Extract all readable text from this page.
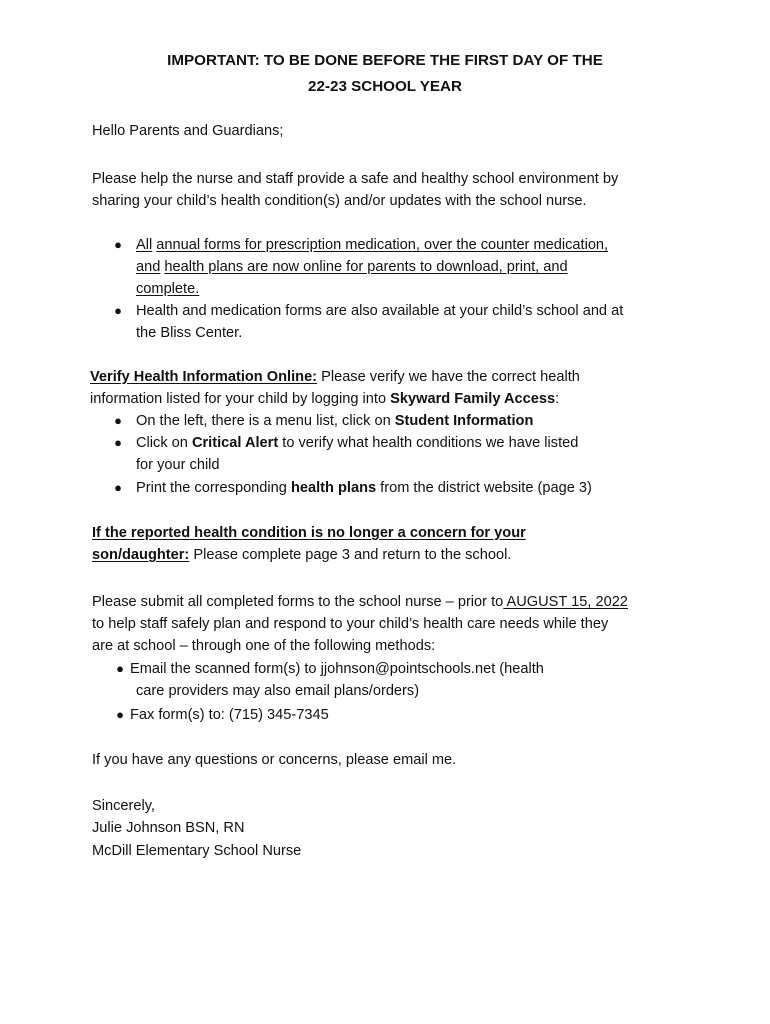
IMPORTANT: TO BE DONE BEFORE THE FIRST DAY OF THE
22-23 SCHOOL YEAR
Hello Parents and Guardians;
Please help the nurse and staff provide a safe and healthy school environment by
sharing your child’s health condition(s) and/or updates with the school nurse.
● All annual forms for prescription medication, over the counter medication,
and health plans are now online for parents to download, print, and
complete.
● Health and medication forms are also available at your child’s school and at
the Bliss Center.
Verify Health Information Online: Please verify we have the correct health
information listed for your child by logging into Skyward Family Access:
● On the left, there is a menu list, click on Student Information
● Click on Critical Alert to verify what health conditions we have listed
for your child
● Print the corresponding health plans from the district website (page 3)
If the reported health condition is no longer a concern for your
son/daughter: Please complete page 3 and return to the school.
Please submit all completed forms to the school nurse – prior to AUGUST 15, 2022
to help staff safely plan and respond to your child’s health care needs while they
are at school – through one of the following methods:
● Email the scanned form(s) to jjohnson@pointschools.net (health
care providers may also email plans/orders)
● Fax form(s) to: (715) 345-7345
If you have any questions or concerns, please email me.
Sincerely,
Julie Johnson BSN, RN
McDill Elementary School Nurse
